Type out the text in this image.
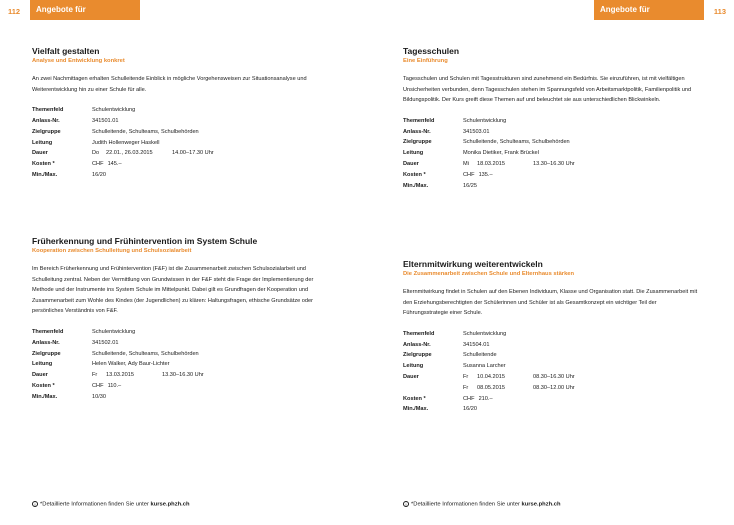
112	Angebote für Schulleitende
Vielfalt gestalten
Analyse und Entwicklung konkret
An zwei Nachmittagen erhalten Schulleitende Einblick in mögliche Vorgehensweisen zur Situationsanalyse und Weiterentwicklung hin zu einer Schule für alle.
Themenfeld	Schulentwicklung
Anlass-Nr.	341501.01
Zielgruppe	Schulleitende, Schulteams, Schulbehörden
Leitung	Judith Hollenweger Haskell
Dauer	Do 22.01., 26.03.2015	14.00–17.30 Uhr
Kosten *	CHF 145.–
Min./Max.	16/20
Früherkennung und Frühintervention im System Schule
Kooperation zwischen Schulleitung und Schulsozialarbeit
Im Bereich Früherkennung und Frühintervention (F&F) ist die Zusammenarbeit zwischen Schulsozialarbeit und Schulleitung zentral. Neben der Vermittlung von Grundwissen in der F&F steht die Frage der Implementierung der Methode und der Instrumente ins System Schule im Mittelpunkt. Dabei gilt es Grundfragen der Kooperation und Zusammenarbeit zum Wohle des Kindes (der Jugendlichen) zu klären: Haltungsfragen, ethische Grundsätze oder persönliches Verständnis von F&F.
Themenfeld	Schulentwicklung
Anlass-Nr.	341502.01
Zielgruppe	Schulleitende, Schulteams, Schulbehörden
Leitung	Helen Walker, Ady Baur-Lichter
Dauer	Fr 13.03.2015	13.30–16.30 Uhr
Kosten *	CHF 110.–
Min./Max.	10/30
i *Detaillierte Informationen finden Sie unter kurse.phzh.ch
Angebote für Schulleitende
113
Tagesschulen
Eine Einführung
Tagesschulen und Schulen mit Tagesstrukturen sind zunehmend ein Bedürfnis. Sie einzuführen, ist mit vielfältigen Unsicherheiten verbunden, denn Tagesschulen stehen im Spannungsfeld von Arbeitsmarktpolitik, Familienpolitik und Bildungspolitik. Der Kurs greift diese Themen auf und beleuchtet sie aus unterschiedlichen Blickwinkeln.
Themenfeld	Schulentwicklung
Anlass-Nr.	341503.01
Zielgruppe	Schulleitende, Schulteams, Schulbehörden
Leitung	Monika Dietiker, Frank Brückel
Dauer	Mi 18.03.2015	13.30–16.30 Uhr
Kosten *	CHF 135.–
Min./Max.	16/25
Elternmitwirkung weiterentwickeln
Die Zusammenarbeit zwischen Schule und Elternhaus stärken
Elternmitwirkung findet in Schulen auf den Ebenen Individuum, Klasse und Organisation statt. Die Zusammenarbeit mit den Erziehungsberechtigten der Schülerinnen und Schüler ist als Gesamtkonzept ein wichtiger Teil der Führungsstrategie einer Schule.
Themenfeld	Schulentwicklung
Anlass-Nr.	341504.01
Zielgruppe	Schulleitende
Leitung	Susanna Larcher
Dauer	Fr 10.04.2015	08.30–16.30 Uhr
Fr 08.05.2015	08.30–12.00 Uhr
Kosten *	CHF 210.–
Min./Max.	16/20
i *Detaillierte Informationen finden Sie unter kurse.phzh.ch
